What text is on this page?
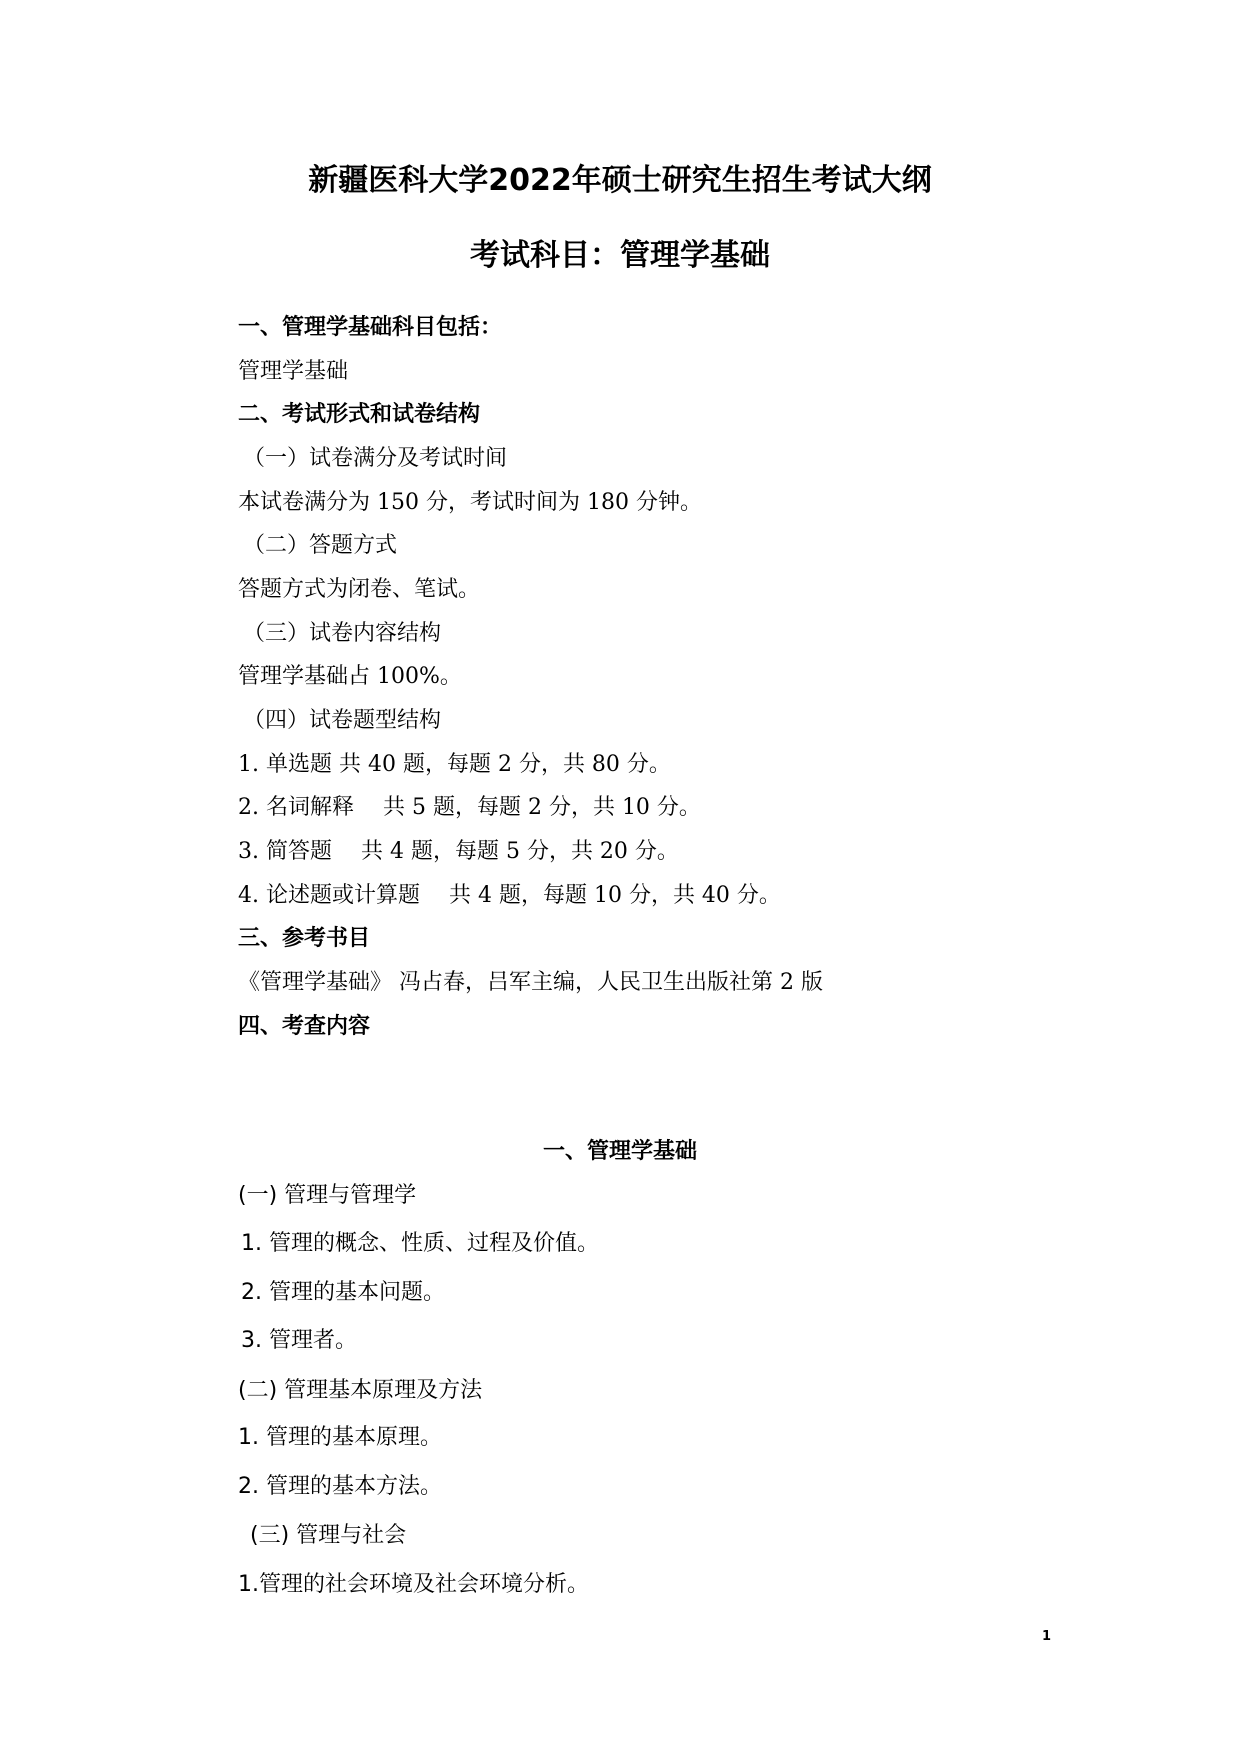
新疆医科大学2022年硕士研究生招生考试大纲
考试科目：管理学基础
一、管理学基础科目包括：
管理学基础
二、考试形式和试卷结构
（一）试卷满分及考试时间
本试卷满分为 150 分，考试时间为 180 分钟。
（二）答题方式
答题方式为闭卷、笔试。
（三）试卷内容结构
管理学基础占 100%。
（四）试卷题型结构
1. 单选题 共 40 题，每题 2 分，共 80 分。
2. 名词解释　 共 5 题，每题 2 分，共 10 分。
3. 简答题　 共 4 题，每题 5 分，共 20 分。
4. 论述题或计算题　 共 4 题，每题 10 分，共 40 分。
三、参考书目
《管理学基础》 冯占春，吕军主编，人民卫生出版社第 2 版
四、考查内容
一、管理学基础
(一) 管理与管理学
1. 管理的概念、性质、过程及价值。
2. 管理的基本问题。
3. 管理者。
(二) 管理基本原理及方法
1. 管理的基本原理。
2. 管理的基本方法。
(三) 管理与社会
1.管理的社会环境及社会环境分析。
1
